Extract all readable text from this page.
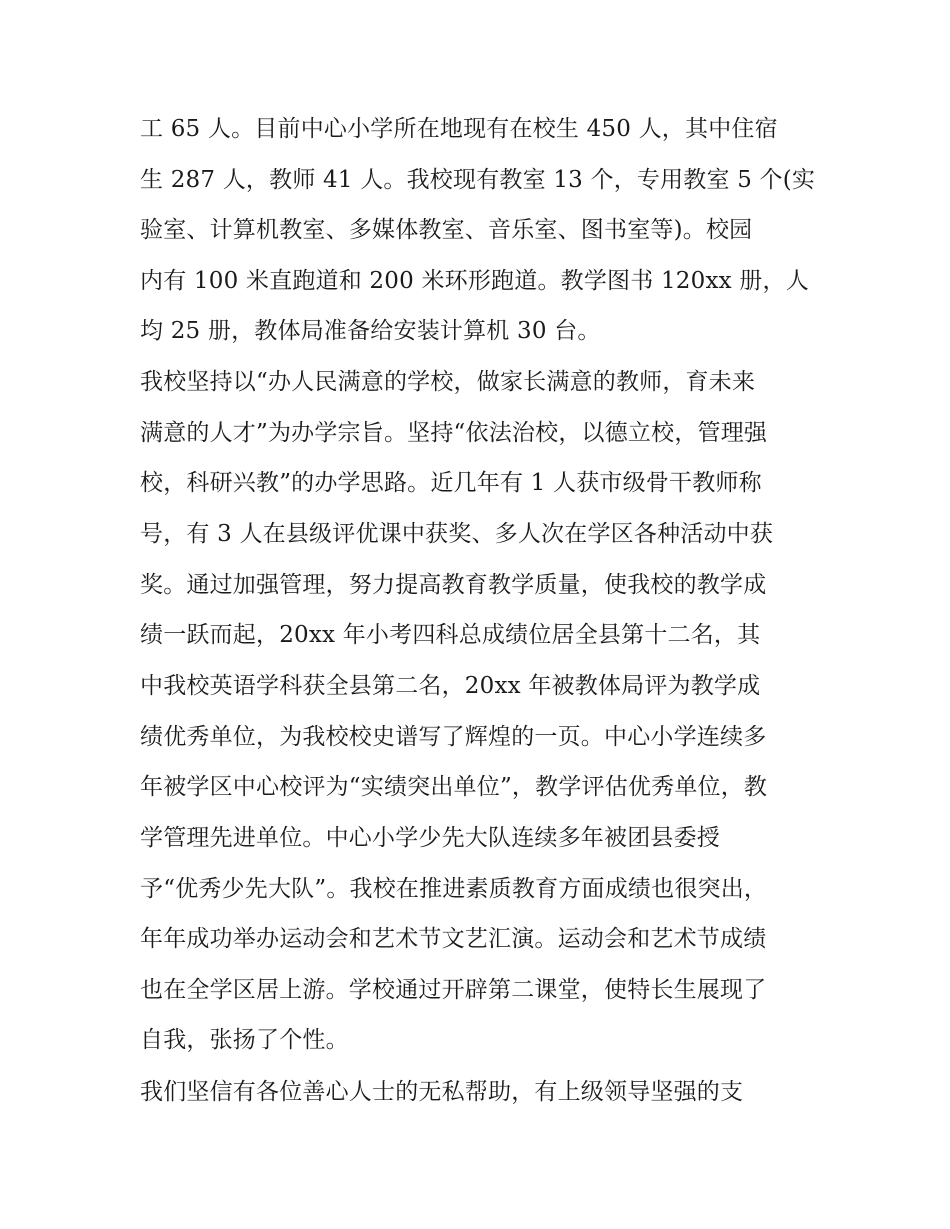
工 65 人。目前中心小学所在地现有在校生 450 人，其中住宿
生 287 人，教师 41 人。我校现有教室 13 个，专用教室 5 个(实
验室、计算机教室、多媒体教室、音乐室、图书室等)。校园
内有 100 米直跑道和 200 米环形跑道。教学图书 120xx 册，人
均 25 册，教体局准备给安装计算机 30 台。
我校坚持以“办人民满意的学校，做家长满意的教师，育未来
满意的人才”为办学宗旨。坚持“依法治校，以德立校，管理强
校，科研兴教”的办学思路。近几年有 1 人获市级骨干教师称
号，有 3 人在县级评优课中获奖、多人次在学区各种活动中获
奖。通过加强管理，努力提高教育教学质量，使我校的教学成
绩一跃而起，20xx 年小考四科总成绩位居全县第十二名，其
中我校英语学科获全县第二名，20xx 年被教体局评为教学成
绩优秀单位，为我校校史谱写了辉煌的一页。中心小学连续多
年被学区中心校评为“实绩突出单位”，教学评估优秀单位，教
学管理先进单位。中心小学少先大队连续多年被团县委授
予“优秀少先大队”。我校在推进素质教育方面成绩也很突出，
年年成功举办运动会和艺术节文艺汇演。运动会和艺术节成绩
也在全学区居上游。学校通过开辟第二课堂，使特长生展现了
自我，张扬了个性。
我们坚信有各位善心人士的无私帮助，有上级领导坚强的支
